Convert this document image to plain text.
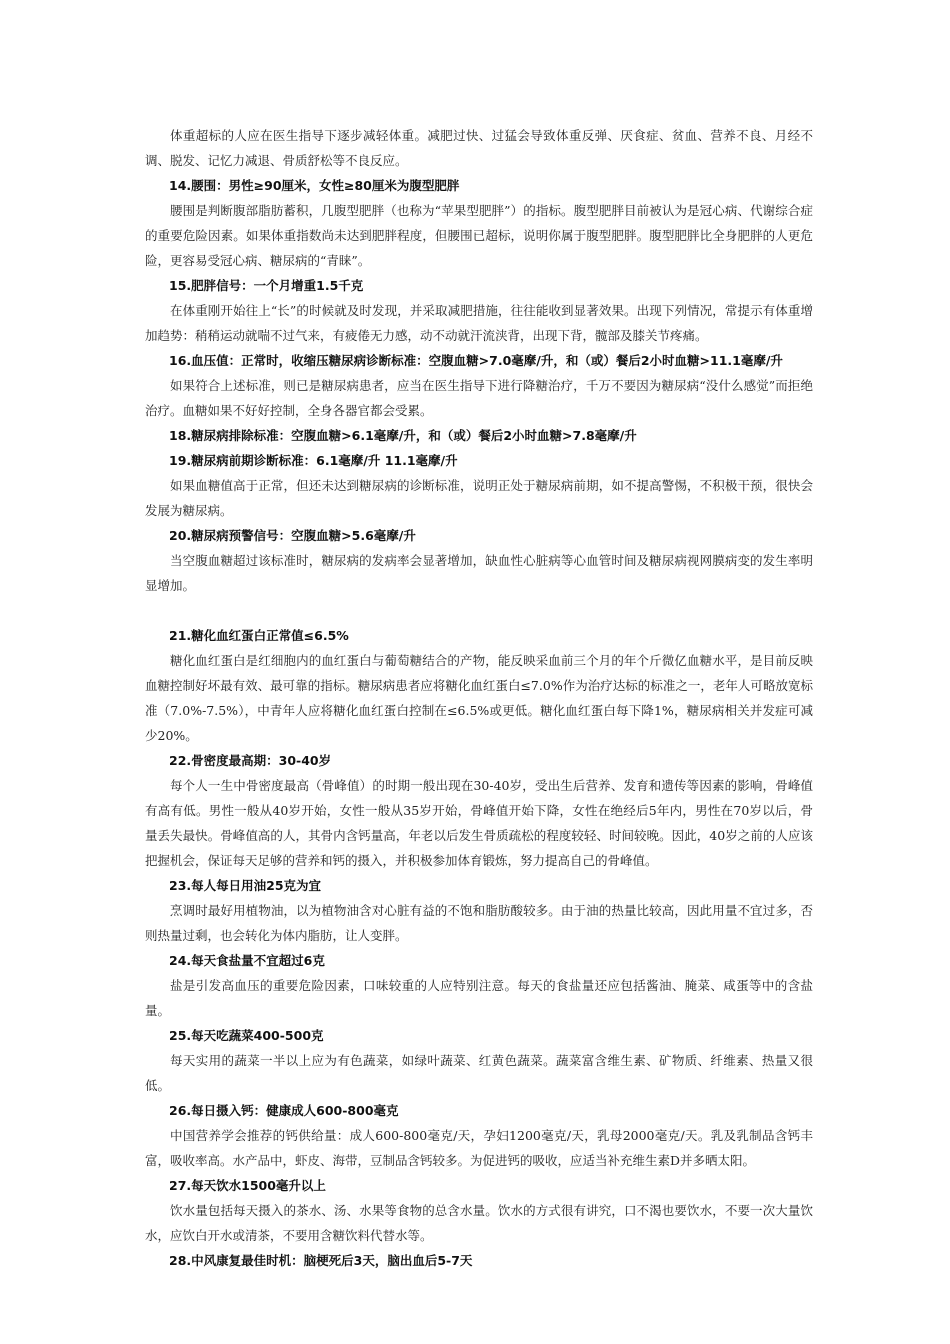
体重超标的人应在医生指导下逐步减轻体重。减肥过快、过猛会导致体重反弹、厌食症、贫血、营养不良、月经不调、脱发、记忆力减退、骨质舒松等不良反应。

14.腰围：男性≥90厘米，女性≥80厘米为腹型肥胖

腰围是判断腹部脂肪蓄积，几腹型肥胖（也称为“苹果型肥胖”）的指标。腹型肥胖目前被认为是冠心病、代谢综合症的重要危险因素。如果体重指数尚未达到肥胖程度，但腰围已超标，说明你属于腹型肥胖。腹型肥胖比全身肥胖的人更危险，更容易受冠心病、糖尿病的“青睐”。

15.肥胖信号：一个月增重1.5千克

在体重刚开始往上“长”的时候就及时发现，并采取减肥措施，往往能收到显著效果。出现下列情况，常提示有体重增加趋势：稍稍运动就喘不过气来，有疲倦无力感，动不动就汗流浃背，出现下背，髋部及膝关节疼痛。

16.血压值：正常时，收缩压糖尿病诊断标准：空腹血糖>7.0毫摩/升，和（或）餐后2小时血糖>11.1毫摩/升

如果符合上述标准，则已是糖尿病患者，应当在医生指导下进行降糖治疗，千万不要因为糖尿病“没什么感觉”而拒绝治疗。血糖如果不好好控制，全身各器官都会受累。

18.糖尿病排除标准：空腹血糖>6.1毫摩/升，和（或）餐后2小时血糖>7.8毫摩/升

19.糖尿病前期诊断标准：6.1毫摩/升 11.1毫摩/升

如果血糖值高于正常，但还未达到糖尿病的诊断标准，说明正处于糖尿病前期，如不提高警惕，不积极干预，很快会发展为糖尿病。

20.糖尿病预警信号：空腹血糖>5.6毫摩/升

当空腹血糖超过该标准时，糖尿病的发病率会显著增加，缺血性心脏病等心血管时间及糖尿病视网膜病变的发生率明显增加。

21.糖化血红蛋白正常值≤6.5%

糖化血红蛋白是红细胞内的血红蛋白与葡萄糖结合的产物，能反映采血前三个月的年个斤微亿血糖水平，是目前反映血糖控制好坏最有效、最可靠的指标。糖尿病患者应将糖化血红蛋白≤7.0%作为治疗达标的标准之一，老年人可略放宽标准（7.0%-7.5%），中青年人应将糖化血红蛋白控制在≤6.5%或更低。糖化血红蛋白每下降1%，糖尿病相关并发症可减少20%。

22.骨密度最高期：30-40岁

每个人一生中骨密度最高（骨峰值）的时期一般出现在30-40岁，受出生后营养、发育和遗传等因素的影响，骨峰值有高有低。男性一般从40岁开始，女性一般从35岁开始，骨峰值开始下降，女性在绝经后5年内，男性在70岁以后，骨量丢失最快。骨峰值高的人，其骨内含钙量高，年老以后发生骨质疏松的程度较轻、时间较晚。因此，40岁之前的人应该把握机会，保证每天足够的营养和钙的摄入，并积极参加体育锻炼，努力提高自己的骨峰值。

23.每人每日用油25克为宜

烹调时最好用植物油，以为植物油含对心脏有益的不饱和脂肪酸较多。由于油的热量比较高，因此用量不宜过多，否则热量过剩，也会转化为体内脂肪，让人变胖。

24.每天食盐量不宜超过6克

盐是引发高血压的重要危险因素，口味较重的人应特别注意。每天的食盐量还应包括酱油、腌菜、咸蛋等中的含盐量。

25.每天吃蔬菜400-500克

每天实用的蔬菜一半以上应为有色蔬菜，如绿叶蔬菜、红黄色蔬菜。蔬菜富含维生素、矿物质、纤维素、热量又很低。

26.每日摄入钙：健康成人600-800毫克

中国营养学会推荐的钙供给量：成人600-800毫克/天，孕妇1200毫克/天，乳母2000毫克/天。乳及乳制品含钙丰富，吸收率高。水产品中，虾皮、海带，豆制品含钙较多。为促进钙的吸收，应适当补充维生素D并多晒太阳。

27.每天饮水1500毫升以上

饮水量包括每天摄入的茶水、汤、水果等食物的总含水量。饮水的方式很有讲究，口不渴也要饮水，不要一次大量饮水，应饮白开水或清茶，不要用含糖饮料代替水等。

28.中风康复最佳时机：脑梗死后3天，脑出血后5-7天
